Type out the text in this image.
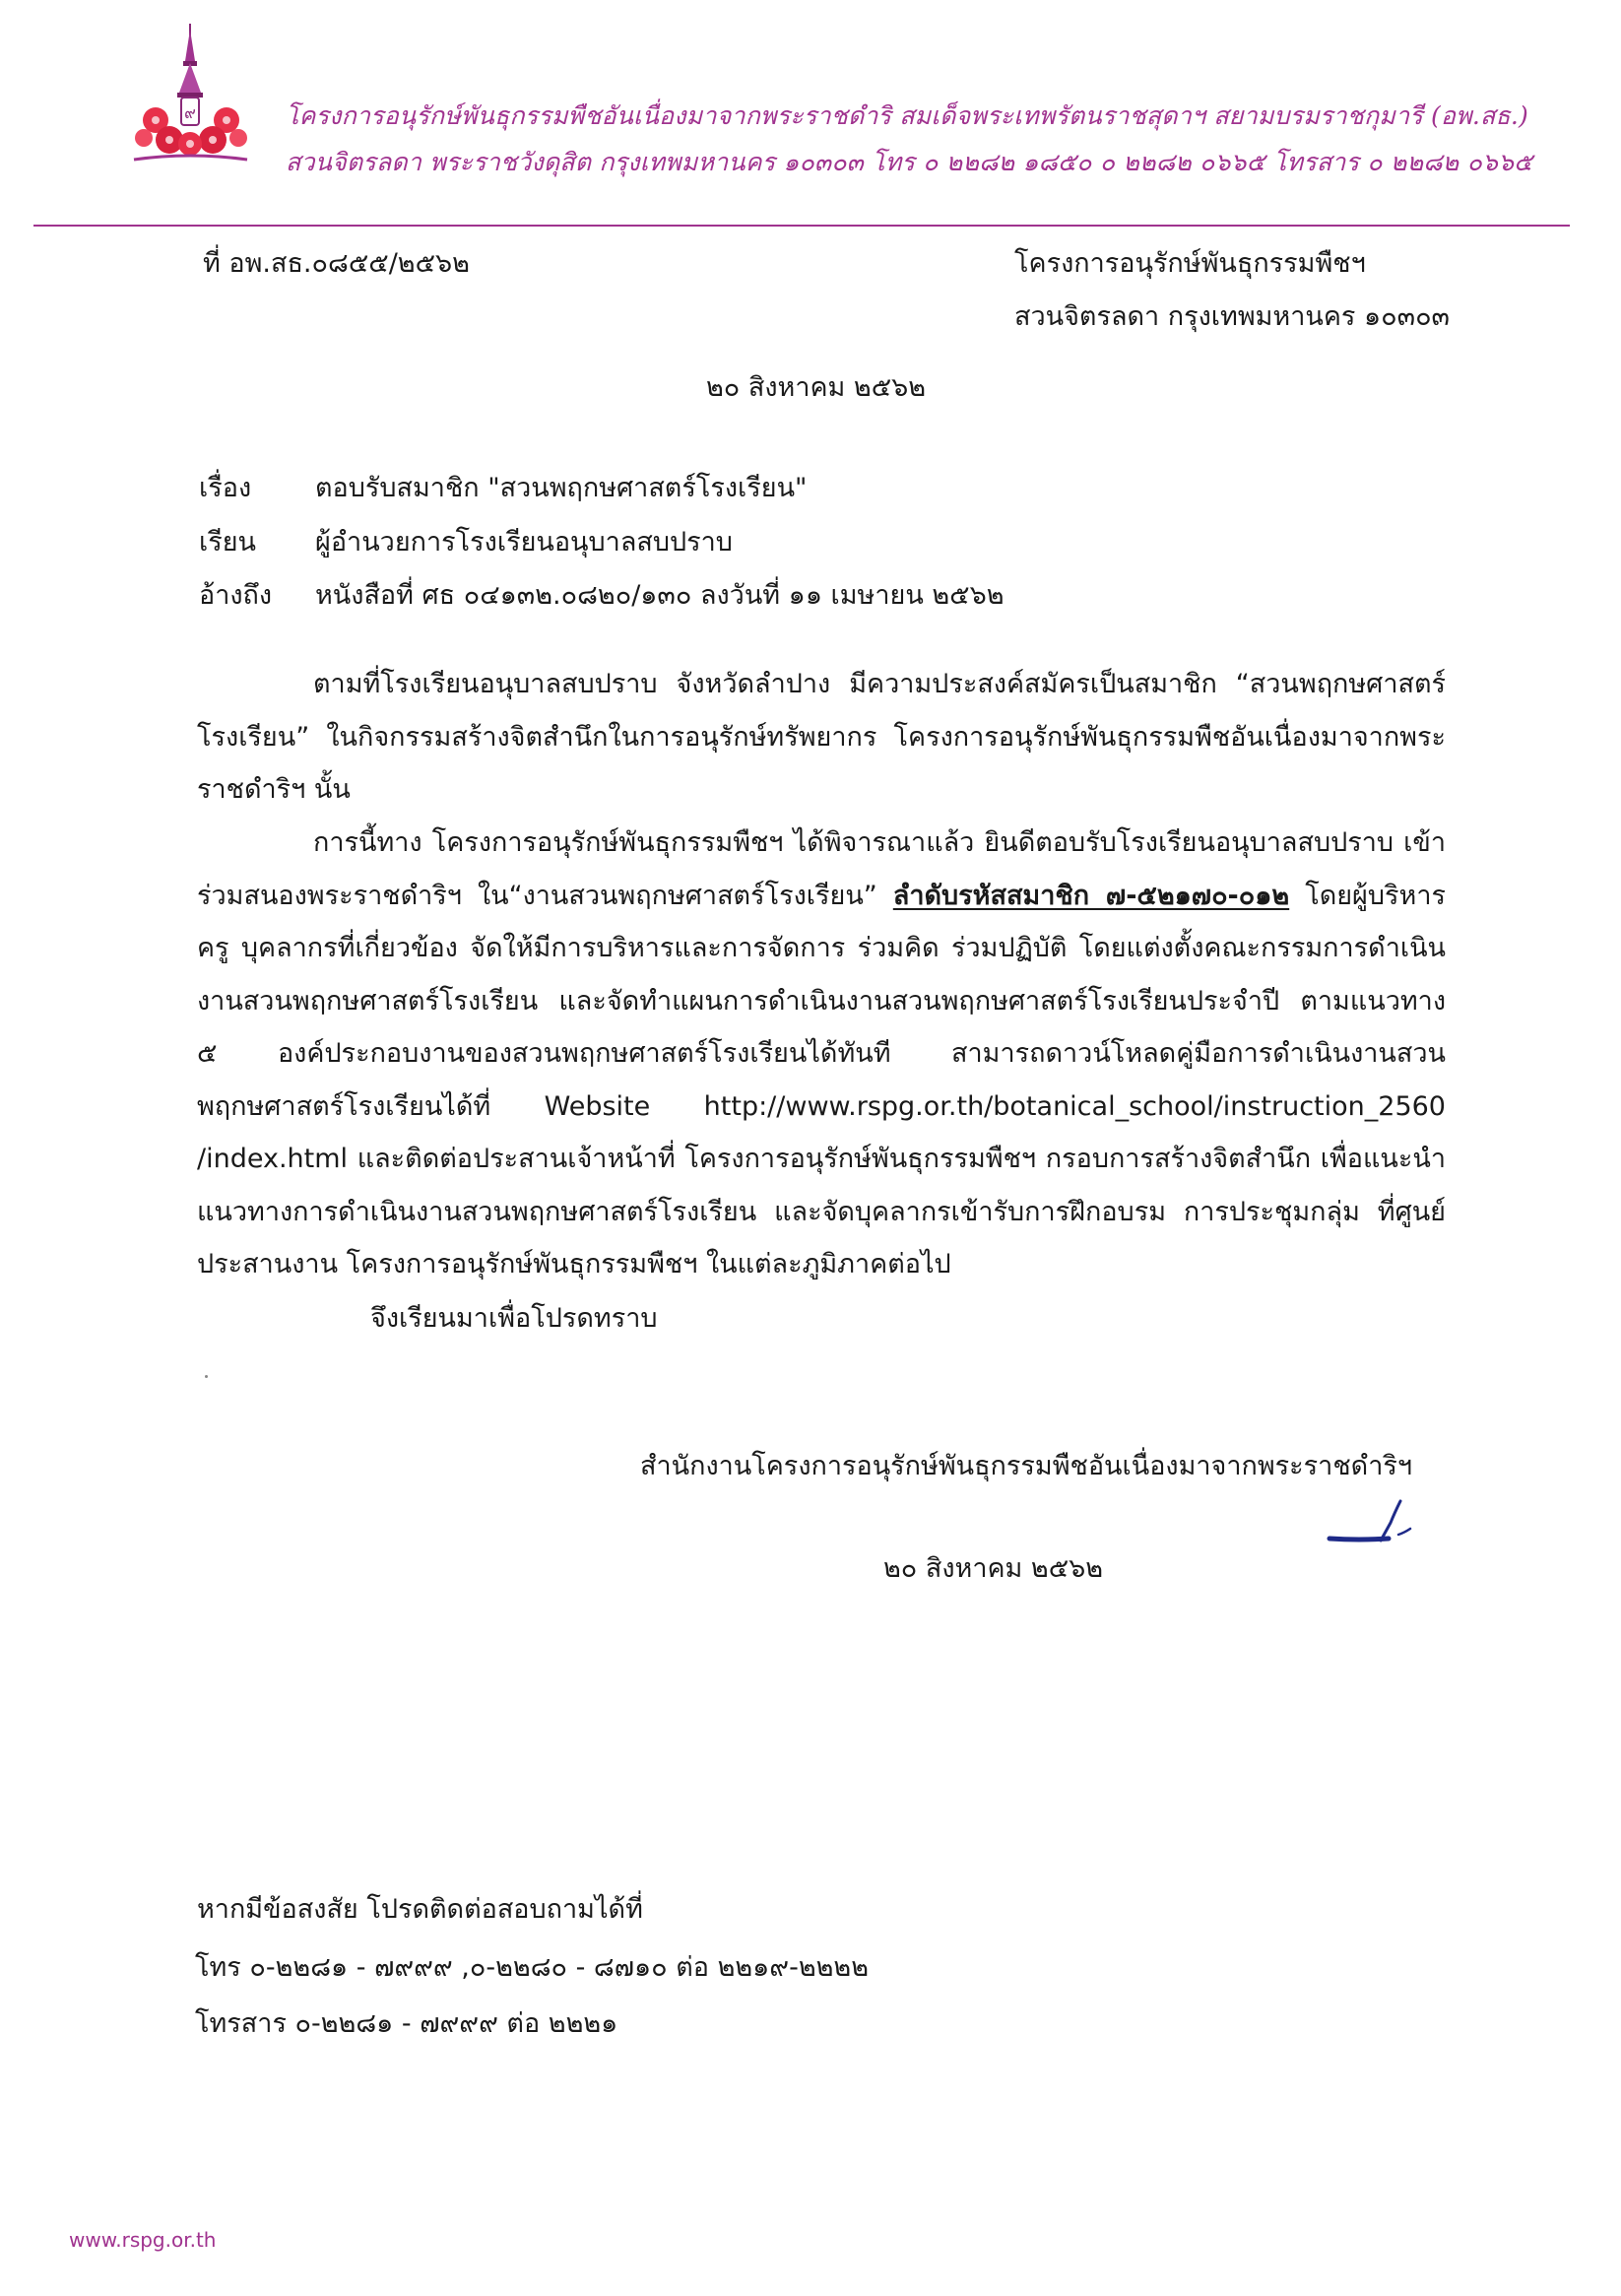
๙	โครงการอนุรักษ์พันธุกรรมพืชอันเนื่องมาจากพระราชดำริ สมเด็จพระเทพรัตนราชสุดาฯ สยามบรมราชกุมารี (อพ.สธ.)
สวนจิตรลดา พระราชวังดุสิต กรุงเทพมหานคร ๑๐๓๐๓ โทร ๐ ๒๒๘๒ ๑๘๕๐ ๐ ๒๒๘๒ ๐๖๖๕ โทรสาร ๐ ๒๒๘๒ ๐๖๖๕
ที่ อพ.สธ.๐๘๕๕/๒๕๖๒	โครงการอนุรักษ์พันธุกรรมพืชฯ
สวนจิตรลดา กรุงเทพมหานคร ๑๐๓๐๓
๒๐ สิงหาคม ๒๕๖๒
เรื่อง ตอบรับสมาชิก "สวนพฤกษศาสตร์โรงเรียน"
เรียน ผู้อำนวยการโรงเรียนอนุบาลสบปราบ
อ้างถึง หนังสือที่ ศธ ๐๔๑๓๒.๐๘๒๐/๑๓๐ ลงวันที่ ๑๑ เมษายน ๒๕๖๒

ตามที่โรงเรียนอนุบาลสบปราบ จังหวัดลำปาง มีความประสงค์สมัครเป็นสมาชิก “สวนพฤกษศาสตร์โรงเรียน” ในกิจกรรมสร้างจิตสำนึกในการอนุรักษ์ทรัพยากร โครงการอนุรักษ์พันธุกรรมพืชอันเนื่องมาจากพระราชดำริฯ นั้น

การนี้ทาง โครงการอนุรักษ์พันธุกรรมพืชฯ ได้พิจารณาแล้ว ยินดีตอบรับโรงเรียนอนุบาลสบปราบ เข้าร่วมสนองพระราชดำริฯ ใน“งานสวนพฤกษศาสตร์โรงเรียน” ลำดับรหัสสมาชิก ๗-๕๒๑๗๐-๐๑๒ โดยผู้บริหาร ครู บุคลากรที่เกี่ยวข้อง จัดให้มีการบริหารและการจัดการ ร่วมคิด ร่วมปฏิบัติ โดยแต่งตั้งคณะกรรมการดำเนินงานสวนพฤกษศาสตร์โรงเรียน และจัดทำแผนการดำเนินงานสวนพฤกษศาสตร์โรงเรียนประจำปี ตามแนวทาง ๕ องค์ประกอบงานของสวนพฤกษศาสตร์โรงเรียนได้ทันที สามารถดาวน์โหลดคู่มือการดำเนินงานสวนพฤกษศาสตร์โรงเรียนได้ที่ Website http://www.rspg.or.th/botanical_school/instruction_2560 /index.html และติดต่อประสานเจ้าหน้าที่ โครงการอนุรักษ์พันธุกรรมพืชฯ กรอบการสร้างจิตสำนึก เพื่อแนะนำแนวทางการดำเนินงานสวนพฤกษศาสตร์โรงเรียน และจัดบุคลากรเข้ารับการฝึกอบรม การประชุมกลุ่ม ที่ศูนย์ประสานงาน โครงการอนุรักษ์พันธุกรรมพืชฯ ในแต่ละภูมิภาคต่อไป

จึงเรียนมาเพื่อโปรดทราบ
สำนักงานโครงการอนุรักษ์พันธุกรรมพืชอันเนื่องมาจากพระราชดำริฯ
๒๐ สิงหาคม ๒๕๖๒
หากมีข้อสงสัย โปรดติดต่อสอบถามได้ที่
โทร ๐-๒๒๘๑ - ๗๙๙๙ ,๐-๒๒๘๐ - ๘๗๑๐ ต่อ ๒๒๑๙-๒๒๒๒
โทรสาร ๐-๒๒๘๑ - ๗๙๙๙ ต่อ ๒๒๒๑
www.rspg.or.th
